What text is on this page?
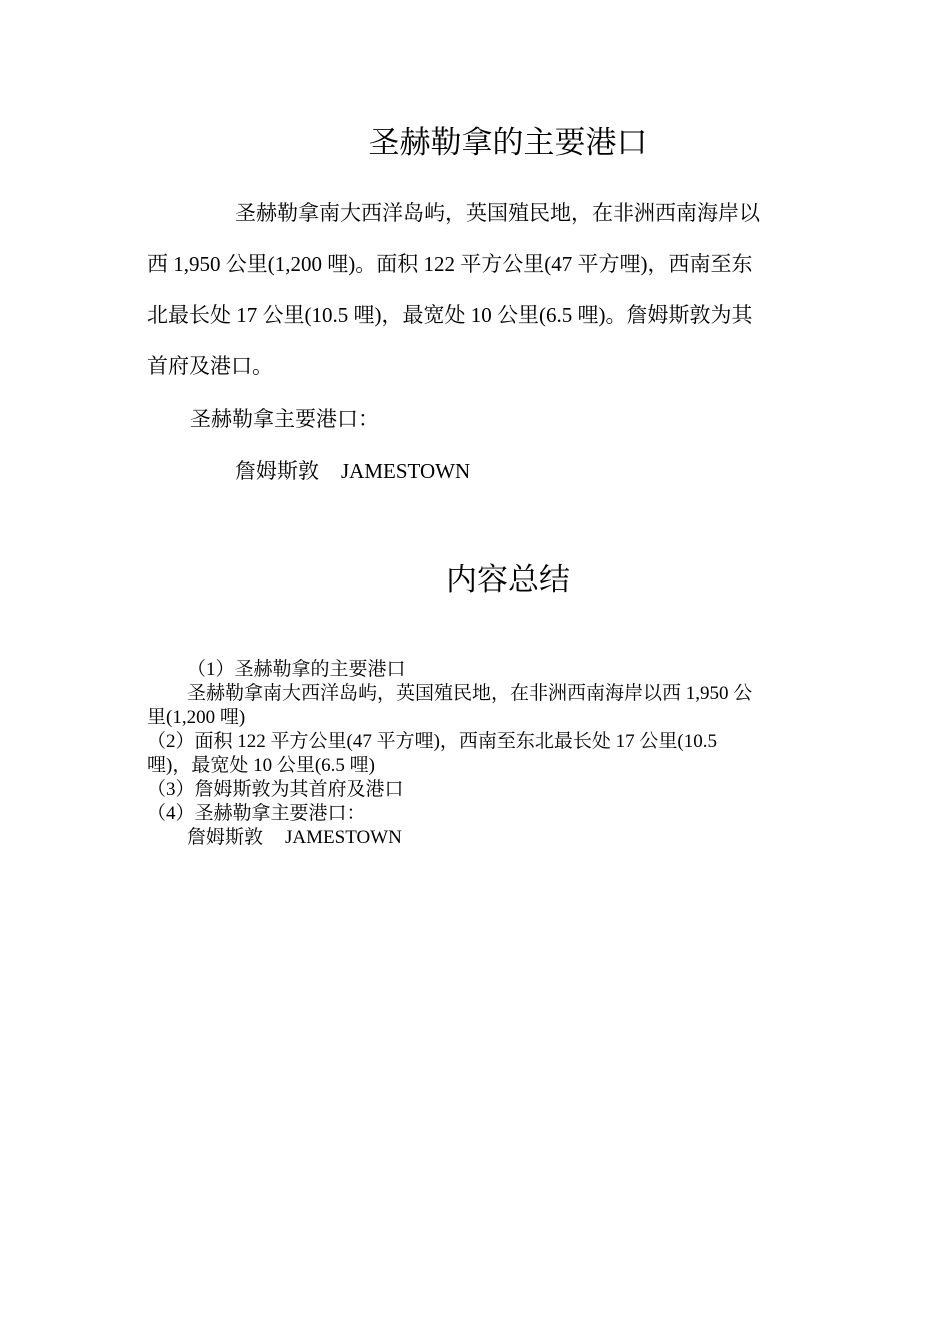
圣赫勒拿的主要港口
圣赫勒拿南大西洋岛屿，英国殖民地，在非洲西南海岸以
西 1,950 公里(1,200 哩)。面积 122 平方公里(47 平方哩)，西南至东
北最长处 17 公里(10.5 哩)，最宽处 10 公里(6.5 哩)。詹姆斯敦为其
首府及港口。
圣赫勒拿主要港口：
詹姆斯敦 JAMESTOWN
内容总结
（1）圣赫勒拿的主要港口
圣赫勒拿南大西洋岛屿，英国殖民地，在非洲西南海岸以西 1,950 公
里(1,200 哩)
（2）面积 122 平方公里(47 平方哩)，西南至东北最长处 17 公里(10.5
哩)，最宽处 10 公里(6.5 哩)
（3）詹姆斯敦为其首府及港口
（4）圣赫勒拿主要港口：
詹姆斯敦 JAMESTOWN
